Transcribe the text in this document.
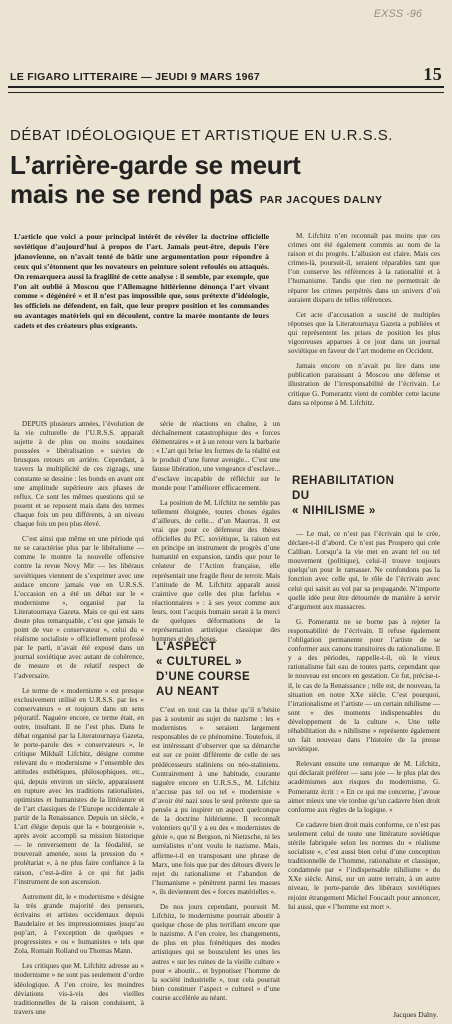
EXSS -96
LE FIGARO LITTERAIRE — JEUDI 9 MARS 1967	15
DÉBAT IDÉOLOGIQUE ET ARTISTIQUE EN U.R.S.S.
L’arrière-garde se meurt
mais ne se rend pas PAR JACQUES DALNY
L’article que voici a pour principal intérêt de révéler la doctrine officielle soviétique d’aujourd’hui à propos de l’art. Jamais peut-être, depuis l’ère jdanovienne, on n’avait tenté de bâtir une argumentation pour répondre à ceux qui s’étonnent que les novateurs en peinture soient refoulés ou attaqués. On remarquera aussi la fragilité de cette analyse : il semble, par exemple, que l’on ait oublié à Moscou que l’Allemagne hitlérienne dénonça l’art vivant comme « dégénéré » et il n’est pas impossible que, sous prétexte d’idéologie, les officiels ne défendent, en fait, que leur propre position et les commandes ou avantages matériels qui en découlent, contre la marée montante de leurs cadets et des créateurs plus exigeants.

M. Lifchitz n’en reconnaît pas moins que ces crimes ont été également commis au nom de la raison et du progrès. L’allusion est claire. Mais ces crimes-là, poursuit-il, seraient réparables tant que l’on conserve les références à la rationalité et à l’humanisme. Tandis que rien ne permettrait de réparer les crimes perpétrés dans un univers d’où auraient disparu de telles références.

Cet acte d’accusation a suscité de multiples réponses que la Literatournaya Gazeta a publiées et qui représentent les prises de position les plus vigoureuses apparues à ce jour dans un journal soviétique en faveur de l’art moderne en Occident.

Jamais encore on n’avait pu lire dans une publication paraissant à Moscou une défense et illustration de l’irresponsabilité de l’écrivain. Le critique G. Pomerantz vient de combler cette lacune dans sa réponse à M. Lifchitz.

DEPUIS plusieurs années, l’évolution de la vie culturelle de l’U.R.S.S. apparaît sujette à de plus ou moins soudaines poussées « libéralisation » suivies de brusques retours en arrière. Cependant, à travers la multiplicité de ces zigzags, une constante se dessine : les bonds en avant ont une amplitude supérieure aux phases de reflux. Ce sont les mêmes questions qui se posent et se reposent mais dans des termes chaque fois un peu différents, à un niveau chaque fois un peu plus élevé.

C’est ainsi que même en une période qui ne se caractérise plus par le libéralisme — comme le montre la nouvelle offensive contre la revue Novy Mir — les libéraux soviétiques viennent de s’exprimer avec une audace encore jamais vue en U.R.S.S. L’occasion en a été un débat sur le « modernisme », organisé par la Literatournaya Gazeta. Mais ce qui est sans doute plus remarquable, c’est que jamais le point de vue « conservateur », celui du « réalisme socialiste » officiellement professé par le parti, n’avait été exposé dans un journal soviétique avec autant de cohérence, de mesure et de relatif respect de l’adversaire.

Le terme de « modernisme » est presque exclusivement utilisé en U.R.S.S. par les « conservateurs » et toujours dans un sens péjoratif. Naguère encore, ce terme était, en outre, insultant. Il ne l’est plus. Dans le débat organisé par la Literatournaya Gazeta, le porte-parole des « conservateurs », le critique Mikhaïl Lifchitz, désigne comme relevant du « modernisme » l’ensemble des attitudes esthétiques, philosophiques, etc., qui, depuis environ un siècle, apparaissent en rupture avec les traditions rationalistes, optimistes et humanistes de la littérature et de l’art classiques de l’Europe occidentale à partir de la Renaissance. Depuis un siècle, « L’art élégie depuis que la « bourgeoisie », après avoir accompli sa mission historique — le renversement de la féodalité, se trouverait amenée, sous la pression du « prolétariat », à ne plus faire confiance à la raison, c’est-à-dire à ce qui fut jadis l’instrument de son ascension.

Autrement dit, le « modernisme » désigne la très grande majorité des penseurs, écrivains et artistes occidentaux depuis Baudelaire et les impressionnistes jusqu’au pop’art, à l’exception de quelques « progressistes » ou « humanistes » tels que Zola, Romain Rolland ou Thomas Mann.

Les critiques que M. Lifchitz adresse au « modernisme » ne sont pas seulement d’ordre idéologique. A l’en croire, les moindres déviations vis-à-vis des vieilles traditionnelles de la raison conduisent, à travers une

série de réactions en chaîne, à un déchaînement catastrophique des « forces élémentaires » et à un retour vers la barbarie : « L’art qui brise les formes de la réalité est le produit d’une fureur aveugle... C’est une fausse libération, une vengeance d’esclave... d’esclave incapable de réfléchir sur le monde pour l’améliorer efficacement.

La position de M. Lifchitz ne semble pas tellement éloignée, toutes choses égales d’ailleurs, de celle... d’un Maurras. Il est vrai que pour ce défenseur des thèses officielles du P.C. soviétique, la raison est en principe un instrument de progrès d’une humanité en expansion, tandis que pour le créateur de l’Action française, elle représentait une fragile fleur de terroir. Mais l’attitude de M. Lifchitz apparaît aussi craintive que celle des plus farfelus « réactionnaires » : à ses yeux comme aux leurs, tout l’acquis humain serait à la merci de quelques déformations de la représentation artistique classique des hommes et des choses.

L’ASPECT
« CULTUREL »
D’UNE COURSE
AU NEANT

C’est en tout cas la thèse qu’il n’hésite pas à soutenir au sujet du nazisme : les « modernistes » seraient largement responsables de ce phénomène. Toutefois, il est intéressant d’observer que sa démarche est sur ce point différente de celle de ses prédécesseurs staliniens ou néo-staliniens. Contrairement à une habitude, courante naguère encore en U.R.S.S., M. Lifchitz n’accuse pas tel ou tel « moderniste » d’avoir été nazi sous le seul prétexte que sa pensée a pu inspirer un aspect quelconque de la doctrine hitlérienne. Il reconnaît volontiers qu’il y a eu des « modernistes de génie », que ni Bergson, ni Nietzsche, ni les surréalistes n’ont voulu le nazisme. Mais, affirme-t-il en transposant une phrase de Marx, une fois que par des détours divers le rejet du rationalisme et l’abandon de l’humanisme » pénètrent parmi les masses », ils deviennent des « forces matérielles ».

De nos jours cependant, poursuit M. Lifchitz, le modernisme pourrait aboutir à quelque chose de plus terrifiant encore que le nazisme. A l’en croire, les changements, de plus en plus frénétiques des modes artistiques qui se bousculent les unes les autres « sur les ruines de la vieille culture » pour « aboutir... et hypnotiser l’homme de la société industrielle », tout cela pourrait bien constituer l’aspect « culturel » d’une course accélérée au néant.

REHABILITATION
DU
« NIHILISME »

— Le mal, ce n’est pas l’écrivain qui le crée, déclare-t-il d’abord. Ce n’est pas Prospero qui crée Caliban. Lorsqu’a la vie met en avant tel ou tel mouvement (politique), celui-il trouve toujours quelqu’un pour le ramasser. Ne confondons pas la fonction avec celle qui, le rôle de l’écrivain avec celui qui saisit au vol par sa propagande. N’importe quelle idée peut être détournée de manière à servir d’argument aux massacres.

G. Pomerantz ne se borne pas à rejeter la responsabilité de l’écrivain. Il refuse également l’obligation permanente pour l’artiste de se conformer aux canons transitoires du rationalisme. Il y a des périodes, rappelle-t-il, où le vieux rationalisme fait eau de toutes parts, cependant que le nouveau est encore en gestation. Ce fut, précise-t-il, le cas de la Renaissance ; telle est, de nouveau, la situation en notre XXe siècle. C’est pourquoi, l’irrationalisme et l’artiste — un certain nihilisme — sont « des moments indispensables du développement de la culture ». Une telle réhabilitation du « nihilisme » représente également un fait nouveau dans l’histoire de la presse soviétique.

Relevant ensuite une remarque de M. Lifchitz, qui déclarait préférer — sans joie — le plus plat des académismes aux risques du modernisme, G. Pomerantz écrit : « En ce qui me concerne, j’avoue aimer mieux une vie tordue qu’un cadavre bien droit conforme aux règles de la logique. »

Ce cadavre bien droit mais conforme, ce n’est pas seulement celui de toute une littérature soviétique stérile fabriquée selon les normes du « réalisme socialiste », c’est aussi bien celui d’une conception traditionnelle de l’homme, rationaliste et classique, condamnée par « l’indispensable nihilisme » du XXe siècle. Ainsi, sur un autre terrain, à un autre niveau, le porte-parole des libéraux soviétiques rejoint étrangement Michel Foucault pour annoncer, lui aussi, que « l’homme est mort ».

Jacques Dalny.
